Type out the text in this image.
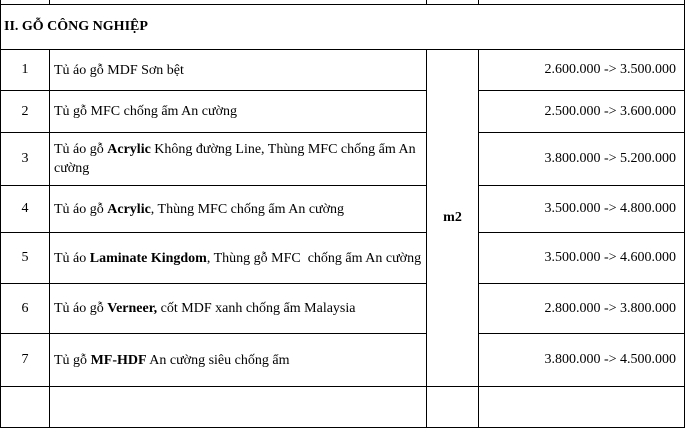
II. GỖ CÔNG NGHIỆP			
1	Tủ áo gỗ MDF Sơn bệt	m2	2.600.000 -> 3.500.000
2	Tủ gỗ MFC chống ẩm An cường		2.500.000 -> 3.600.000
3	Tủ áo gỗ Acrylic Không đường Line, Thùng MFC chống ẩm An cường		3.800.000 -> 5.200.000
4	Tủ áo gỗ Acrylic, Thùng MFC chống ẩm An cường		3.500.000 -> 4.800.000
5	Tủ áo Laminate Kingdom, Thùng gỗ MFC  chống ẩm An cường		3.500.000 -> 4.600.000
6	Tủ áo gỗ Verneer, cốt MDF xanh chống ẩm Malaysia		2.800.000 -> 3.800.000
7	Tủ gỗ MF-HDF An cường siêu chống ẩm		3.800.000 -> 4.500.000
